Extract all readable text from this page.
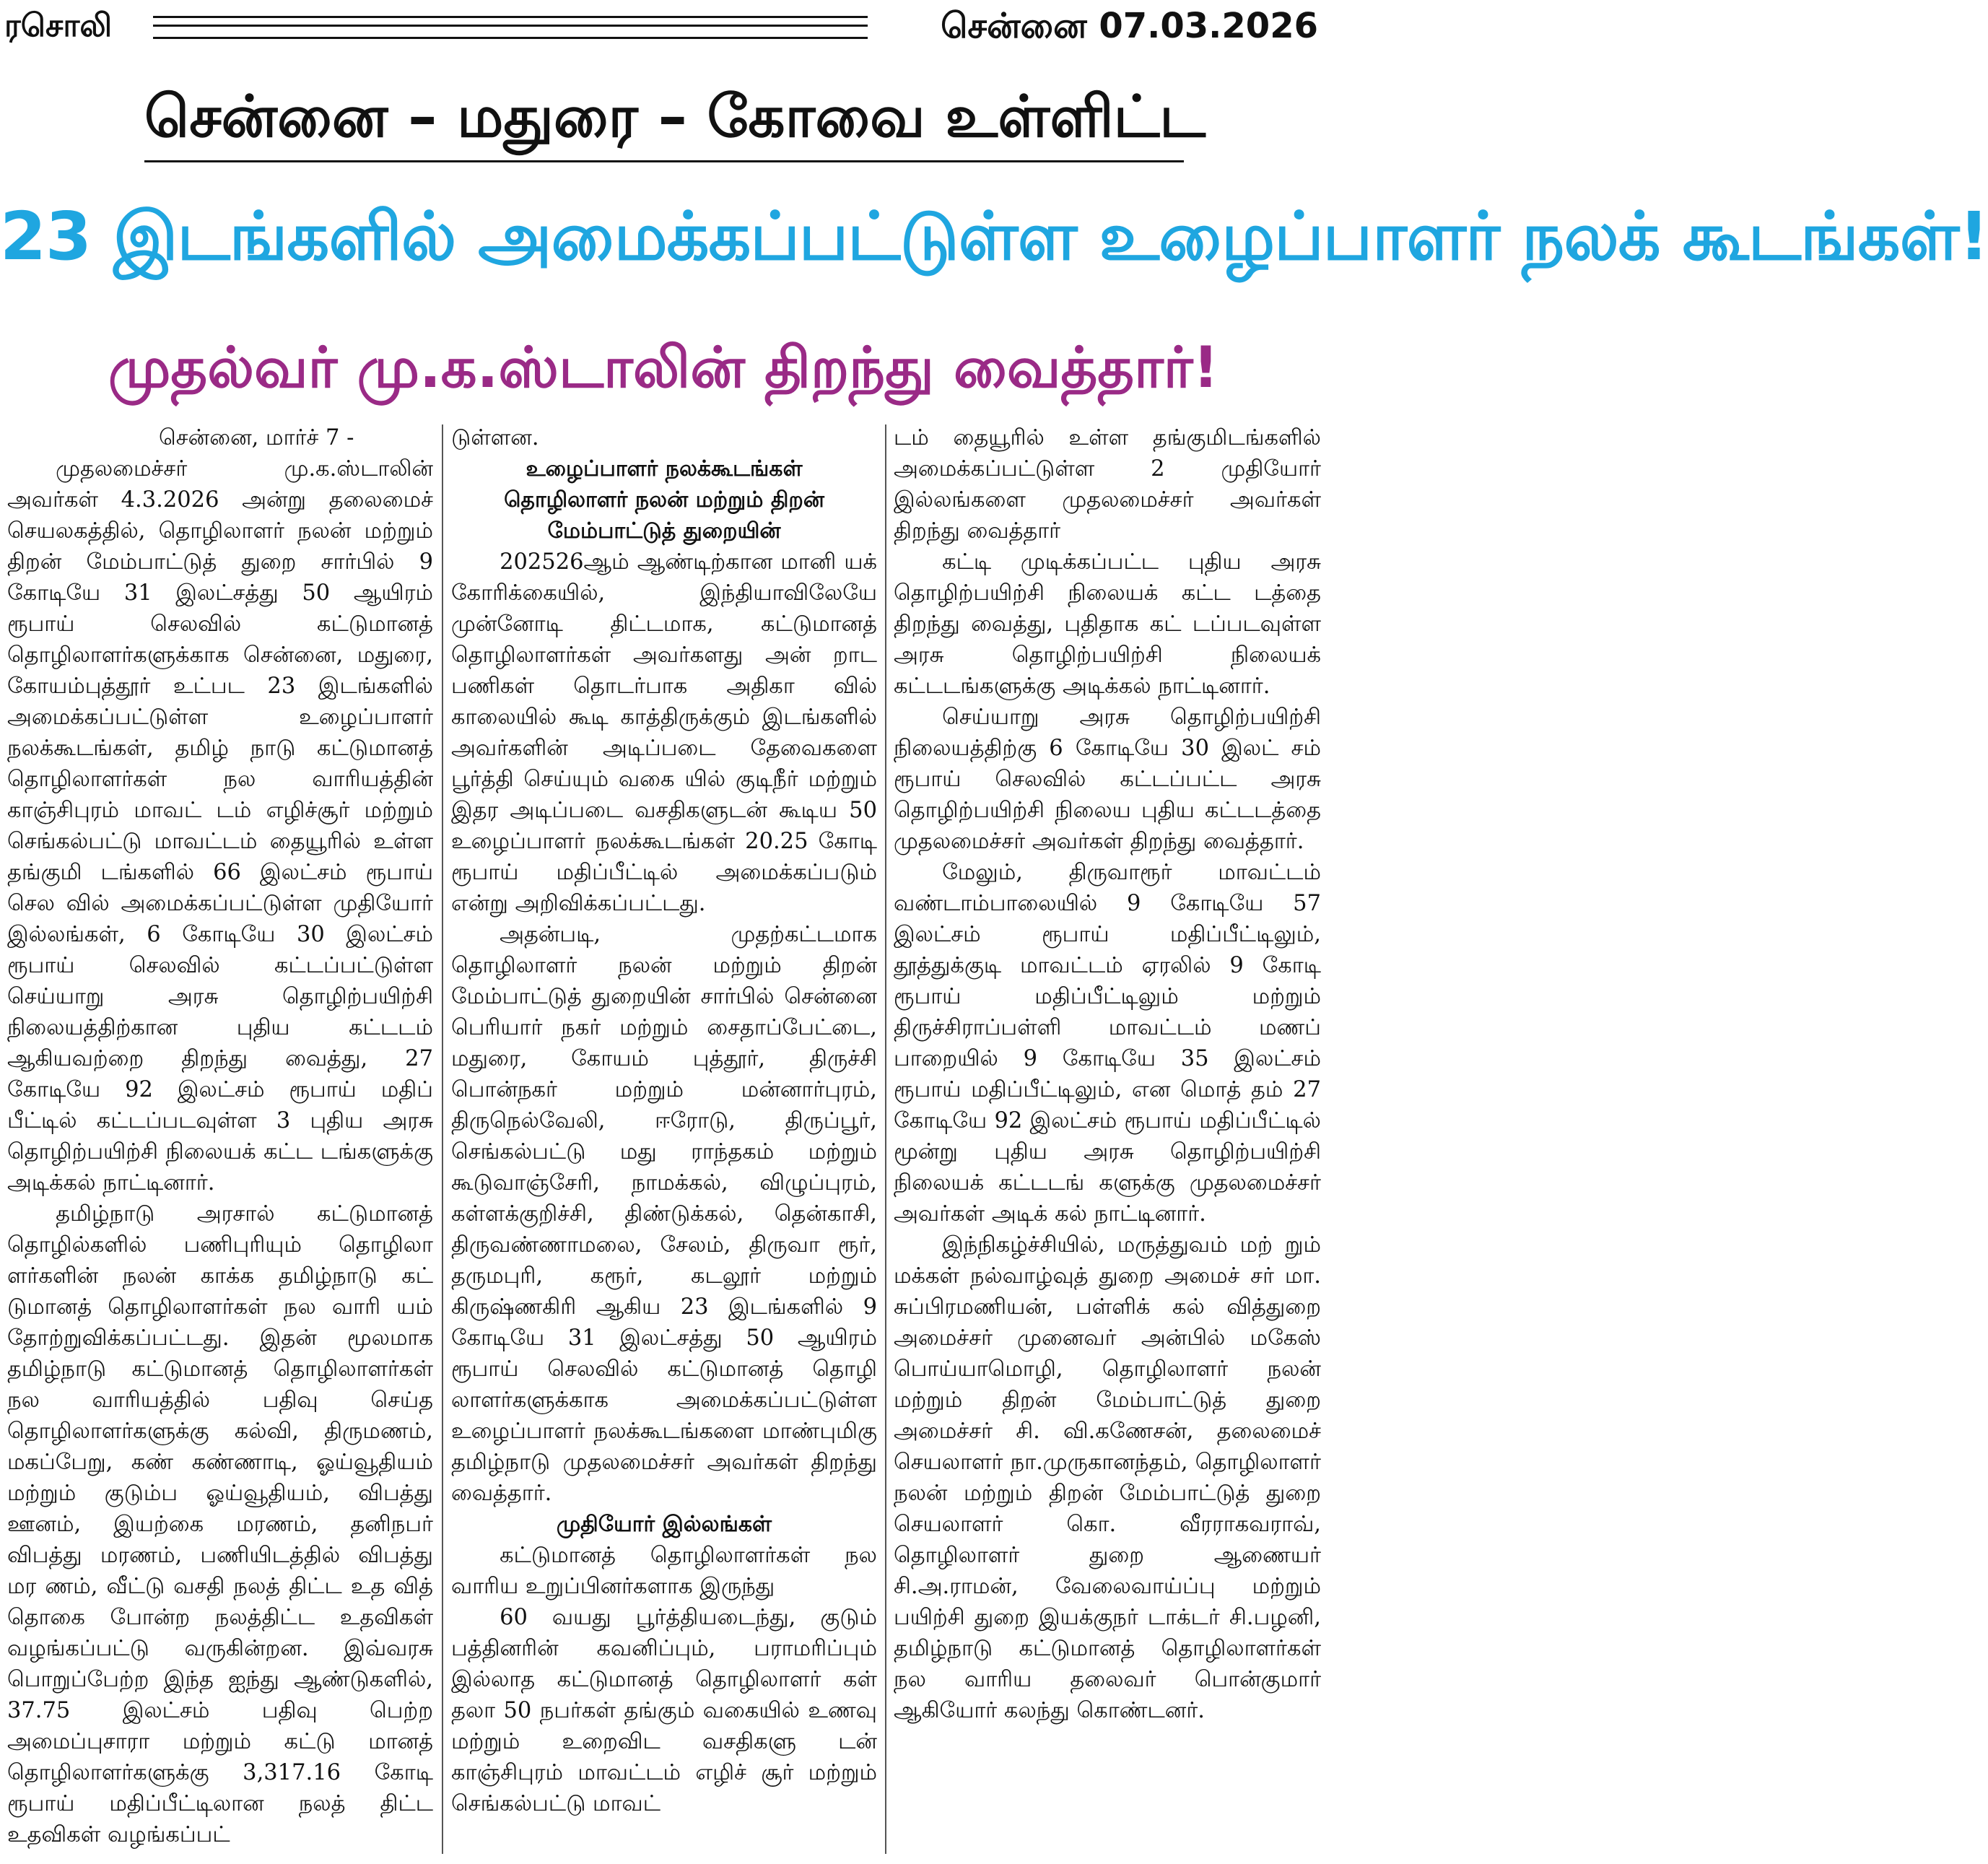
ரசொலி	சென்னை 07.03.2026
சென்னை – மதுரை – கோவை உள்ளிட்ட
23 இடங்களில் அமைக்கப்பட்டுள்ள உழைப்பாளர் நலக் கூடங்கள்!
முதல்வர் மு.க.ஸ்டாலின் திறந்து வைத்தார்!

சென்னை, மார்ச் 7 -

முதலமைச்சர் மு.க.ஸ்டாலின் அவர்கள் 4.3.2026 அன்று தலைமைச் செயலகத்தில், தொழிலாளர் நலன் மற்றும் திறன் மேம்பாட்டுத் துறை சார்பில் 9 கோடியே 31 இலட்சத்து 50 ஆயிரம் ரூபாய் செலவில் கட்டுமானத் தொழிலாளர்களுக்காக சென்னை, மதுரை, கோயம்புத்தூர் உட்பட 23 இடங்களில் அமைக்கப்பட்டுள்ள உழைப்பாளர் நலக்கூடங்கள், தமிழ் நாடு கட்டுமானத் தொழிலாளர்கள் நல வாரியத்தின் காஞ்சிபுரம் மாவட் டம் எழிச்சூர் மற்றும் செங்கல்பட்டு மாவட்டம் தையூரில் உள்ள தங்குமி டங்களில் 66 இலட்சம் ரூபாய் செல வில் அமைக்கப்பட்டுள்ள முதியோர் இல்லங்கள், 6 கோடியே 30 இலட்சம் ரூபாய் செலவில் கட்டப்பட்டுள்ள செய்யாறு அரசு தொழிற்பயிற்சி நிலையத்திற்கான புதிய கட்டடம் ஆகியவற்றை திறந்து வைத்து, 27 கோடியே 92 இலட்சம் ரூபாய் மதிப் பீட்டில் கட்டப்படவுள்ள 3 புதிய அரசு தொழிற்பயிற்சி நிலையக் கட்ட டங்களுக்கு அடிக்கல் நாட்டினார்.

தமிழ்நாடு அரசால் கட்டுமானத் தொழில்களில் பணிபுரியும் தொழிலா ளர்களின் நலன் காக்க தமிழ்நாடு கட் டுமானத் தொழிலாளர்கள் நல வாரி யம் தோற்றுவிக்கப்பட்டது. இதன் மூலமாக தமிழ்நாடு கட்டுமானத் தொழிலாளர்கள் நல வாரியத்தில் பதிவு செய்த தொழிலாளர்களுக்கு கல்வி, திருமணம், மகப்பேறு, கண் கண்ணாடி, ஓய்வூதியம் மற்றும் குடும்ப ஓய்வூதியம், விபத்து ஊனம், இயற்கை மரணம், தனிநபர் விபத்து மரணம், பணியிடத்தில் விபத்து மர ணம், வீட்டு வசதி நலத் திட்ட உத வித் தொகை போன்ற நலத்திட்ட உதவிகள் வழங்கப்பட்டு வருகின்றன. இவ்வரசு பொறுப்பேற்ற இந்த ஐந்து ஆண்டுகளில், 37.75 இலட்சம் பதிவு பெற்ற அமைப்புசாரா மற்றும் கட்டு மானத் தொழிலாளர்களுக்கு 3,317.16 கோடி ரூபாய் மதிப்பீட்டிலான நலத் திட்ட உதவிகள் வழங்கப்பட்

டுள்ளன.

உழைப்பாளர் நலக்கூடங்கள்
தொழிலாளர் நலன் மற்றும் திறன் மேம்பாட்டுத் துறையின்

202526ஆம் ஆண்டிற்கான மானி யக் கோரிக்கையில், இந்தியாவிலேயே முன்னோடி திட்டமாக, கட்டுமானத் தொழிலாளர்கள் அவர்களது அன் றாட பணிகள் தொடர்பாக அதிகா வில் காலையில் கூடி காத்திருக்கும் இடங்களில் அவர்களின் அடிப்படை தேவைகளை பூர்த்தி செய்யும் வகை யில் குடிநீர் மற்றும் இதர அடிப்படை வசதிகளுடன் கூடிய 50 உழைப்பாளர் நலக்கூடங்கள் 20.25 கோடி ரூபாய் மதிப்பீட்டில் அமைக்கப்படும் என்று அறிவிக்கப்பட்டது.

அதன்படி, முதற்கட்டமாக தொழிலாளர் நலன் மற்றும் திறன் மேம்பாட்டுத் துறையின் சார்பில் சென்னை பெரியார் நகர் மற்றும் சைதாப்பேட்டை, மதுரை, கோயம் புத்தூர், திருச்சி பொன்நகர் மற்றும் மன்னார்புரம், திருநெல்வேலி, ஈரோடு, திருப்பூர், செங்கல்பட்டு மது ராந்தகம் மற்றும் கூடுவாஞ்சேரி, நாமக்கல், விழுப்புரம், கள்ளக்குறிச்சி, திண்டுக்கல், தென்காசி, திருவண்ணாமலை, சேலம், திருவா ரூர், தருமபுரி, கரூர், கடலூர் மற்றும் கிருஷ்ணகிரி ஆகிய 23 இடங்களில் 9 கோடியே 31 இலட்சத்து 50 ஆயிரம் ரூபாய் செலவில் கட்டுமானத் தொழி லாளர்களுக்காக அமைக்கப்பட்டுள்ள உழைப்பாளர் நலக்கூடங்களை மாண்புமிகு தமிழ்நாடு முதலமைச்சர் அவர்கள் திறந்து வைத்தார்.

முதியோர் இல்லங்கள்

கட்டுமானத் தொழிலாளர்கள் நல வாரிய உறுப்பினர்களாக இருந்து

60 வயது பூர்த்தியடைந்து, குடும் பத்தினரின் கவனிப்பும், பராமரிப்பும் இல்லாத கட்டுமானத் தொழிலாளர் கள் தலா 50 நபர்கள் தங்கும் வகையில் உணவு மற்றும் உறைவிட வசதிகளு டன் காஞ்சிபுரம் மாவட்டம் எழிச் சூர் மற்றும் செங்கல்பட்டு மாவட்

டம் தையூரில் உள்ள தங்குமிடங்களில் அமைக்கப்பட்டுள்ள 2 முதியோர் இல்லங்களை முதலமைச்சர் அவர்கள் திறந்து வைத்தார்

கட்டி முடிக்கப்பட்ட புதிய அரசு தொழிற்பயிற்சி நிலையக் கட்ட டத்தை திறந்து வைத்து, புதிதாக கட் டப்படவுள்ள அரசு தொழிற்பயிற்சி நிலையக் கட்டடங்களுக்கு அடிக்கல் நாட்டினார்.

செய்யாறு அரசு தொழிற்பயிற்சி நிலையத்திற்கு 6 கோடியே 30 இலட் சம் ரூபாய் செலவில் கட்டப்பட்ட அரசு தொழிற்பயிற்சி நிலைய புதிய கட்டடத்தை முதலமைச்சர் அவர்கள் திறந்து வைத்தார்.

மேலும், திருவாரூர் மாவட்டம் வண்டாம்பாலையில் 9 கோடியே 57 இலட்சம் ரூபாய் மதிப்பீட்டிலும், தூத்துக்குடி மாவட்டம் ஏரலில் 9 கோடி ரூபாய் மதிப்பீட்டிலும் மற்றும் திருச்சிராப்பள்ளி மாவட்டம் மணப் பாறையில் 9 கோடியே 35 இலட்சம் ரூபாய் மதிப்பீட்டிலும், என மொத் தம் 27 கோடியே 92 இலட்சம் ரூபாய் மதிப்பீட்டில் மூன்று புதிய அரசு தொழிற்பயிற்சி நிலையக் கட்டடங் களுக்கு முதலமைச்சர் அவர்கள் அடிக் கல் நாட்டினார்.

இந்நிகழ்ச்சியில், மருத்துவம் மற் றும் மக்கள் நல்வாழ்வுத் துறை அமைச் சர் மா. சுப்பிரமணியன், பள்ளிக் கல் வித்துறை அமைச்சர் முனைவர் அன்பில் மகேஸ் பொய்யாமொழி, தொழிலாளர் நலன் மற்றும் திறன் மேம்பாட்டுத் துறை அமைச்சர் சி. வி.கணேசன், தலைமைச் செயலாளர் நா.முருகானந்தம், தொழிலாளர் நலன் மற்றும் திறன் மேம்பாட்டுத் துறை செயலாளர் கொ. வீரராகவராவ், தொழிலாளர் துறை ஆணையர் சி.அ.ராமன், வேலைவாய்ப்பு மற்றும் பயிற்சி துறை இயக்குநர் டாக்டர் சி.பழனி, தமிழ்நாடு கட்டுமானத் தொழிலாளர்கள் நல வாரிய தலைவர் பொன்குமார் ஆகியோர் கலந்து கொண்டனர்.
